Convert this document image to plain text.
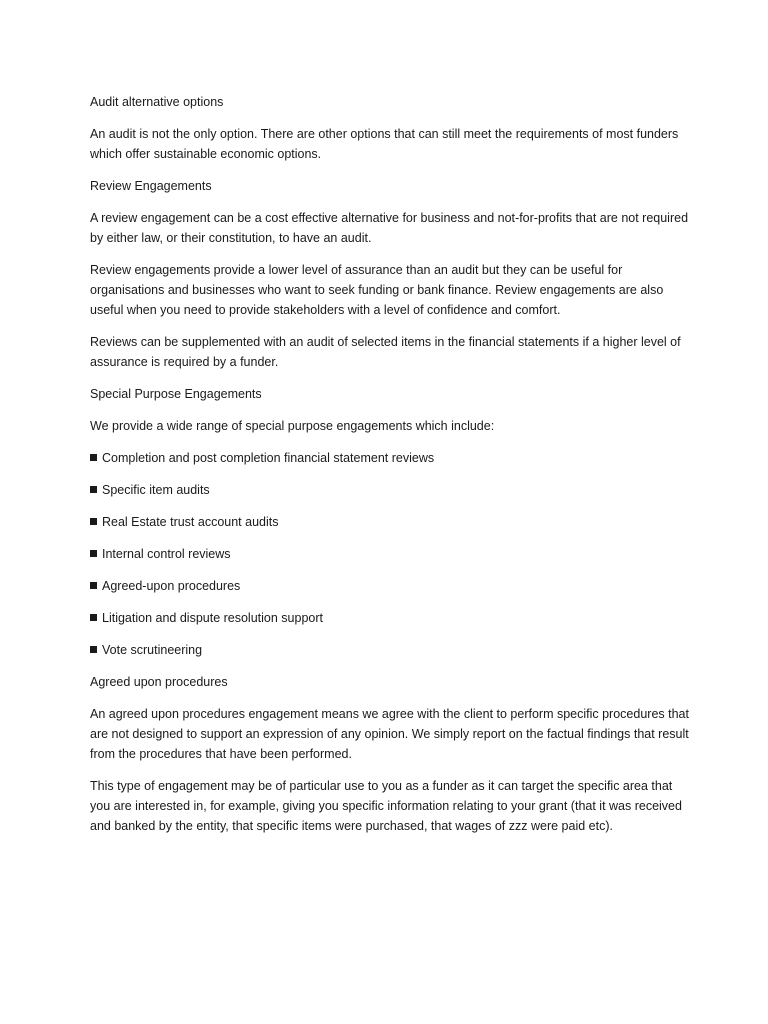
Audit alternative options

An audit is not the only option. There are other options that can still meet the requirements of most funders which offer sustainable economic options.

Review Engagements

A review engagement can be a cost effective alternative for business and not-for-profits that are not required by either law, or their constitution, to have an audit.

Review engagements provide a lower level of assurance than an audit but they can be useful for organisations and businesses who want to seek funding or bank finance. Review engagements are also useful when you need to provide stakeholders with a level of confidence and comfort.

Reviews can be supplemented with an audit of selected items in the financial statements if a higher level of assurance is required by a funder.

Special Purpose Engagements

We provide a wide range of special purpose engagements which include:

Completion and post completion financial statement reviews

Specific item audits

Real Estate trust account audits

Internal control reviews

Agreed-upon procedures

Litigation and dispute resolution support

Vote scrutineering

Agreed upon procedures

An agreed upon procedures engagement means we agree with the client to perform specific procedures that are not designed to support an expression of any opinion. We simply report on the factual findings that result from the procedures that have been performed.

This type of engagement may be of particular use to you as a funder as it can target the specific area that you are interested in, for example, giving you specific information relating to your grant (that it was received and banked by the entity, that specific items were purchased, that wages of zzz were paid etc).
